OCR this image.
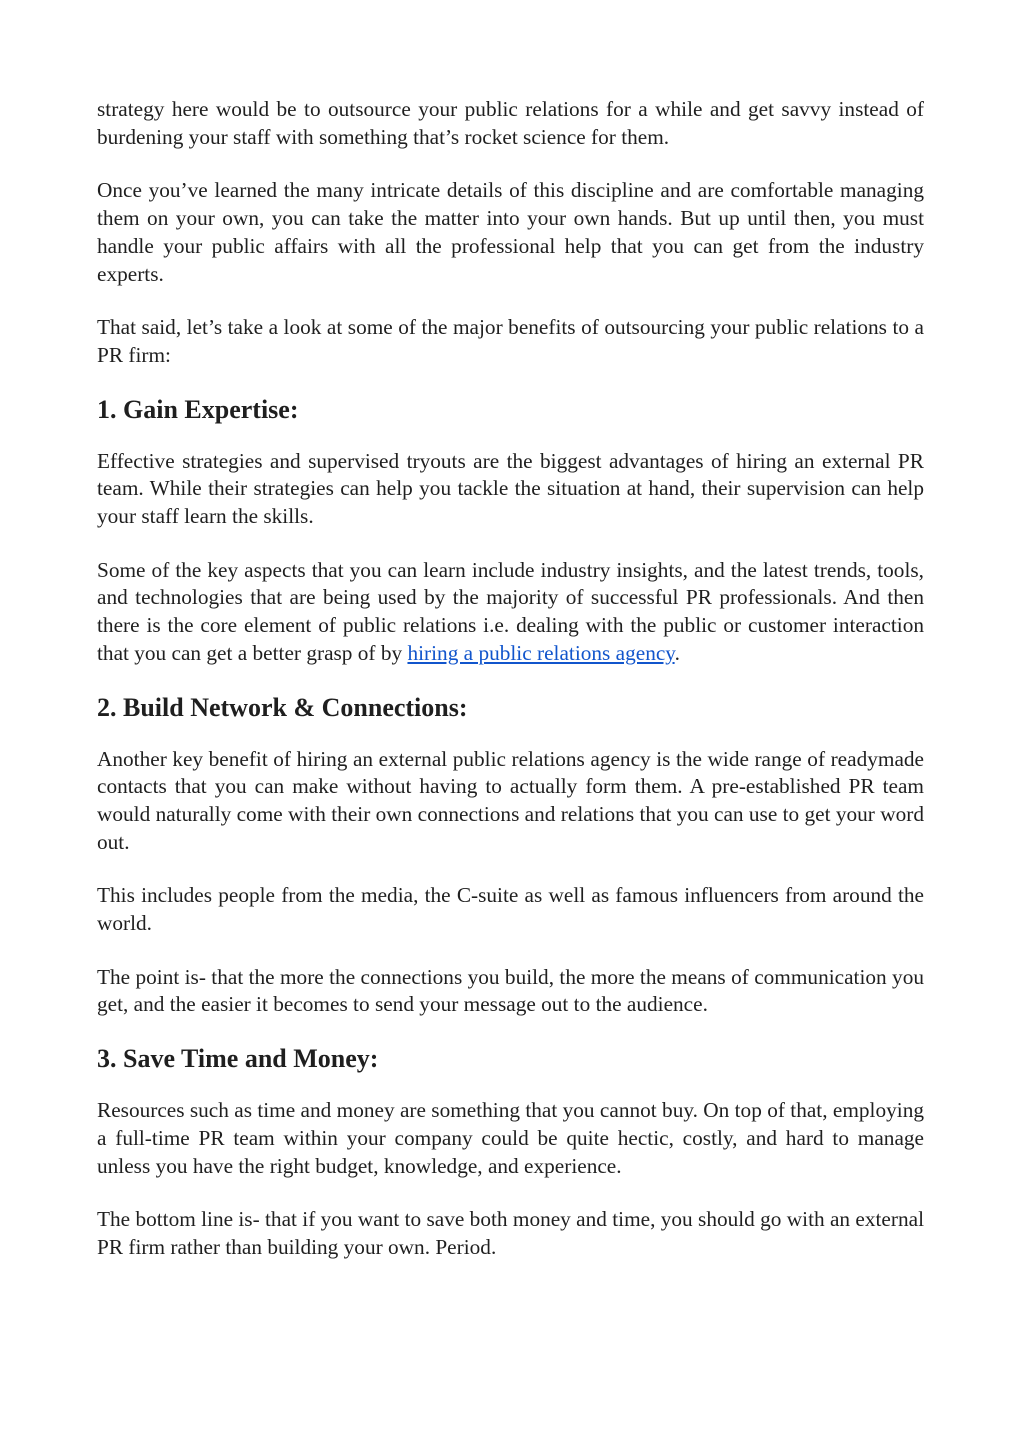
strategy here would be to outsource your public relations for a while and get savvy instead of burdening your staff with something that’s rocket science for them.

Once you’ve learned the many intricate details of this discipline and are comfortable managing them on your own, you can take the matter into your own hands. But up until then, you must handle your public affairs with all the professional help that you can get from the industry experts.

That said, let’s take a look at some of the major benefits of outsourcing your public relations to a PR firm:

1. Gain Expertise:

Effective strategies and supervised tryouts are the biggest advantages of hiring an external PR team. While their strategies can help you tackle the situation at hand, their supervision can help your staff learn the skills.

Some of the key aspects that you can learn include industry insights, and the latest trends, tools, and technologies that are being used by the majority of successful PR professionals. And then there is the core element of public relations i.e. dealing with the public or customer interaction that you can get a better grasp of by hiring a public relations agency.

2. Build Network & Connections:

Another key benefit of hiring an external public relations agency is the wide range of readymade contacts that you can make without having to actually form them. A pre-established PR team would naturally come with their own connections and relations that you can use to get your word out.

This includes people from the media, the C-suite as well as famous influencers from around the world.

The point is- that the more the connections you build, the more the means of communication you get, and the easier it becomes to send your message out to the audience.

3. Save Time and Money:

Resources such as time and money are something that you cannot buy. On top of that, employing a full-time PR team within your company could be quite hectic, costly, and hard to manage unless you have the right budget, knowledge, and experience.

The bottom line is- that if you want to save both money and time, you should go with an external PR firm rather than building your own. Period.
